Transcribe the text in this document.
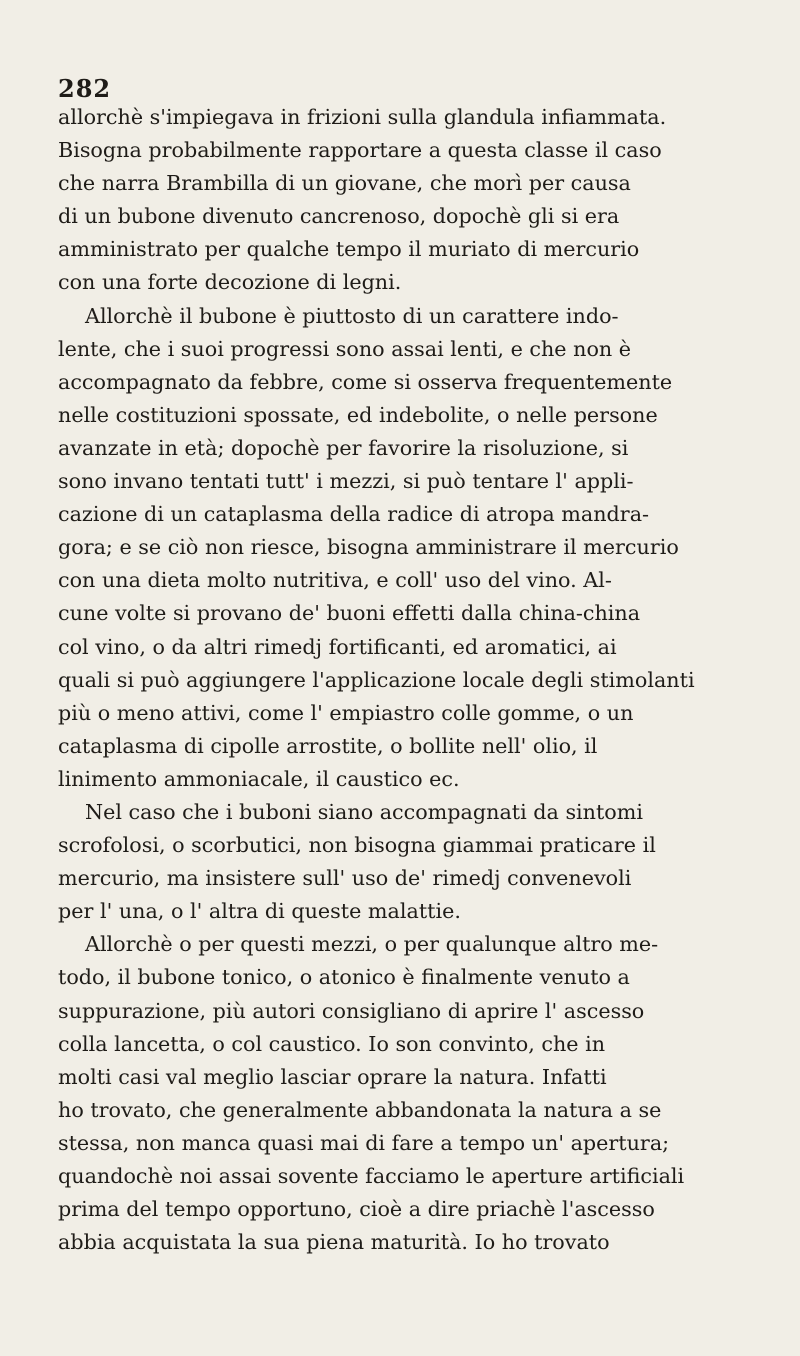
282

allorchè s'impiegava in frizioni sulla glandula infiammata.
Bisogna probabilmente rapportare a questa classe il caso
che narra Brambilla di un giovane, che morì per causa
di un bubone divenuto cancrenoso, dopochè gli si era
amministrato per qualche tempo il muriato di mercurio
con una forte decozione di legni.

Allorchè il bubone è piuttosto di un carattere indo-
lente, che i suoi progressi sono assai lenti, e che non è
accompagnato da febbre, come si osserva frequentemente
nelle costituzioni spossate, ed indebolite, o nelle persone
avanzate in età; dopochè per favorire la risoluzione, si
sono invano tentati tutt' i mezzi, si può tentare l' appli-
cazione di un cataplasma della radice di atropa mandra-
gora; e se ciò non riesce, bisogna amministrare il mercurio
con una dieta molto nutritiva, e coll' uso del vino. Al-
cune volte si provano de' buoni effetti dalla china-china
col vino, o da altri rimedj fortificanti, ed aromatici, ai
quali si può aggiungere l'applicazione locale degli stimolanti
più o meno attivi, come l' empiastro colle gomme, o un
cataplasma di cipolle arrostite, o bollite nell' olio, il
linimento ammoniacale, il caustico ec.

Nel caso che i buboni siano accompagnati da sintomi
scrofolosi, o scorbutici, non bisogna giammai praticare il
mercurio, ma insistere sull' uso de' rimedj convenevoli
per l' una, o l' altra di queste malattie.

Allorchè o per questi mezzi, o per qualunque altro me-
todo, il bubone tonico, o atonico è finalmente venuto a
suppurazione, più autori consigliano di aprire l' ascesso
colla lancetta, o col caustico. Io son convinto, che in
molti casi val meglio lasciar oprare la natura. Infatti
ho trovato, che generalmente abbandonata la natura a se
stessa, non manca quasi mai di fare a tempo un' apertura;
quandochè noi assai sovente facciamo le aperture artificiali
prima del tempo opportuno, cioè a dire priachè l'ascesso
abbia acquistata la sua piena maturità. Io ho trovato
